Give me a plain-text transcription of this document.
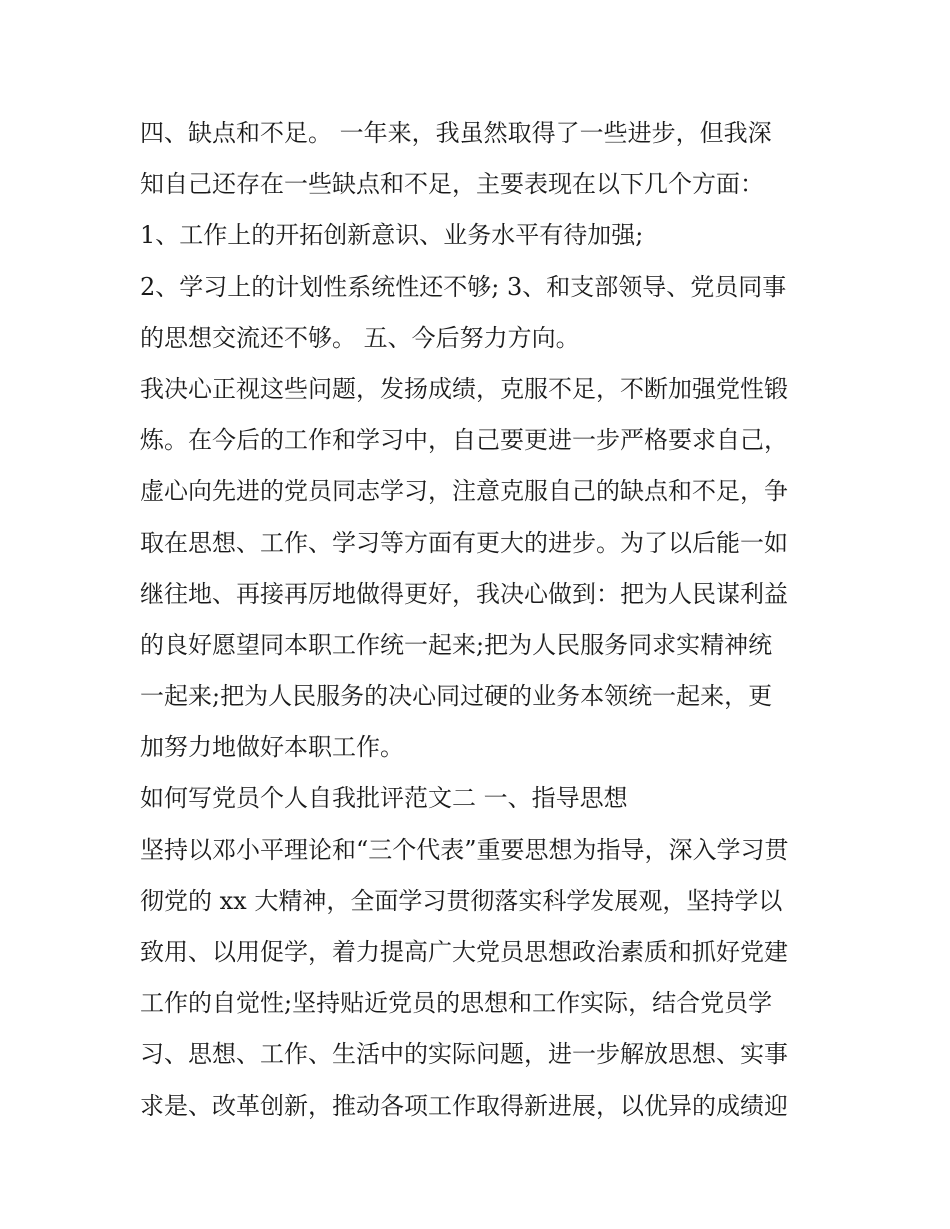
四、缺点和不足。 一年来，我虽然取得了一些进步，但我深
知自己还存在一些缺点和不足，主要表现在以下几个方面：
1、工作上的开拓创新意识、业务水平有待加强;
2、学习上的计划性系统性还不够; 3、和支部领导、党员同事
的思想交流还不够。 五、今后努力方向。
我决心正视这些问题，发扬成绩，克服不足，不断加强党性锻
炼。在今后的工作和学习中，自己要更进一步严格要求自己，
虚心向先进的党员同志学习，注意克服自己的缺点和不足，争
取在思想、工作、学习等方面有更大的进步。为了以后能一如
继往地、再接再厉地做得更好，我决心做到：把为人民谋利益
的良好愿望同本职工作统一起来;把为人民服务同求实精神统
一起来;把为人民服务的决心同过硬的业务本领统一起来，更
加努力地做好本职工作。
如何写党员个人自我批评范文二 一、指导思想
坚持以邓小平理论和“三个代表”重要思想为指导，深入学习贯
彻党的 xx 大精神，全面学习贯彻落实科学发展观，坚持学以
致用、以用促学，着力提高广大党员思想政治素质和抓好党建
工作的自觉性;坚持贴近党员的思想和工作实际，结合党员学
习、思想、工作、生活中的实际问题，进一步解放思想、实事
求是、改革创新，推动各项工作取得新进展，以优异的成绩迎
